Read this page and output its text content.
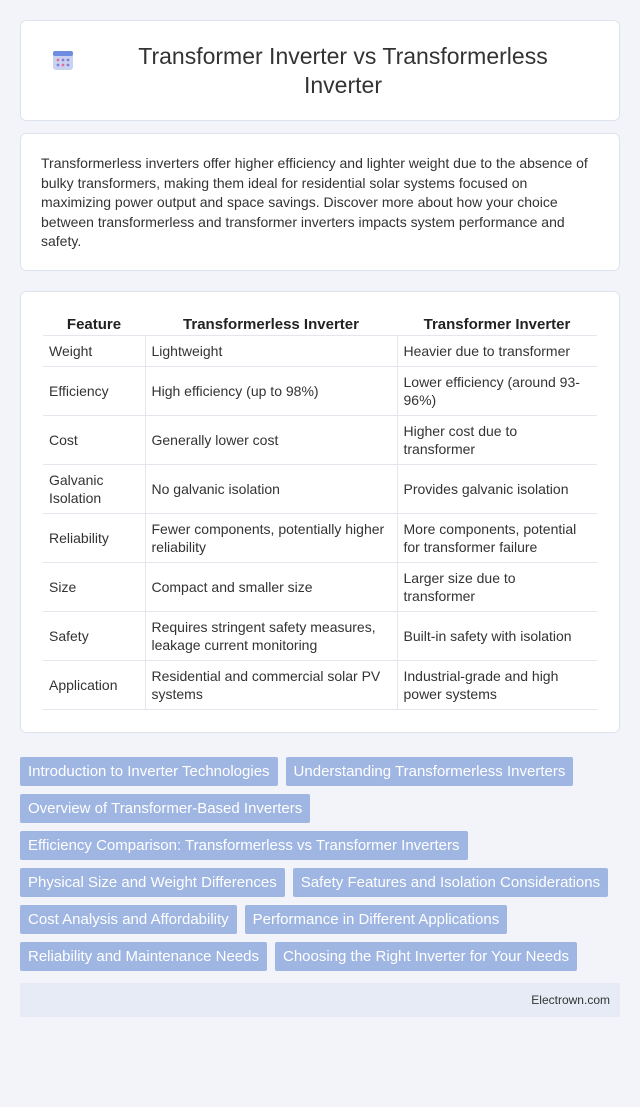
Transformer Inverter vs Transformerless Inverter

Transformerless inverters offer higher efficiency and lighter weight due to the absence of bulky transformers, making them ideal for residential solar systems focused on maximizing power output and space savings. Discover more about how your choice between transformerless and transformer inverters impacts system performance and safety.

Feature	Transformerless Inverter	Transformer Inverter
Weight	Lightweight	Heavier due to transformer
Efficiency	High efficiency (up to 98%)	Lower efficiency (around 93-96%)
Cost	Generally lower cost	Higher cost due to transformer
Galvanic Isolation	No galvanic isolation	Provides galvanic isolation
Reliability	Fewer components, potentially higher reliability	More components, potential for transformer failure
Size	Compact and smaller size	Larger size due to transformer
Safety	Requires stringent safety measures, leakage current monitoring	Built-in safety with isolation
Application	Residential and commercial solar PV systems	Industrial-grade and high power systems
Introduction to Inverter Technologies	Understanding Transformerless Inverters
Overview of Transformer-Based Inverters
Efficiency Comparison: Transformerless vs Transformer Inverters
Physical Size and Weight Differences	Safety Features and Isolation Considerations
Cost Analysis and Affordability	Performance in Different Applications
Reliability and Maintenance Needs	Choosing the Right Inverter for Your Needs
Electrown.com
